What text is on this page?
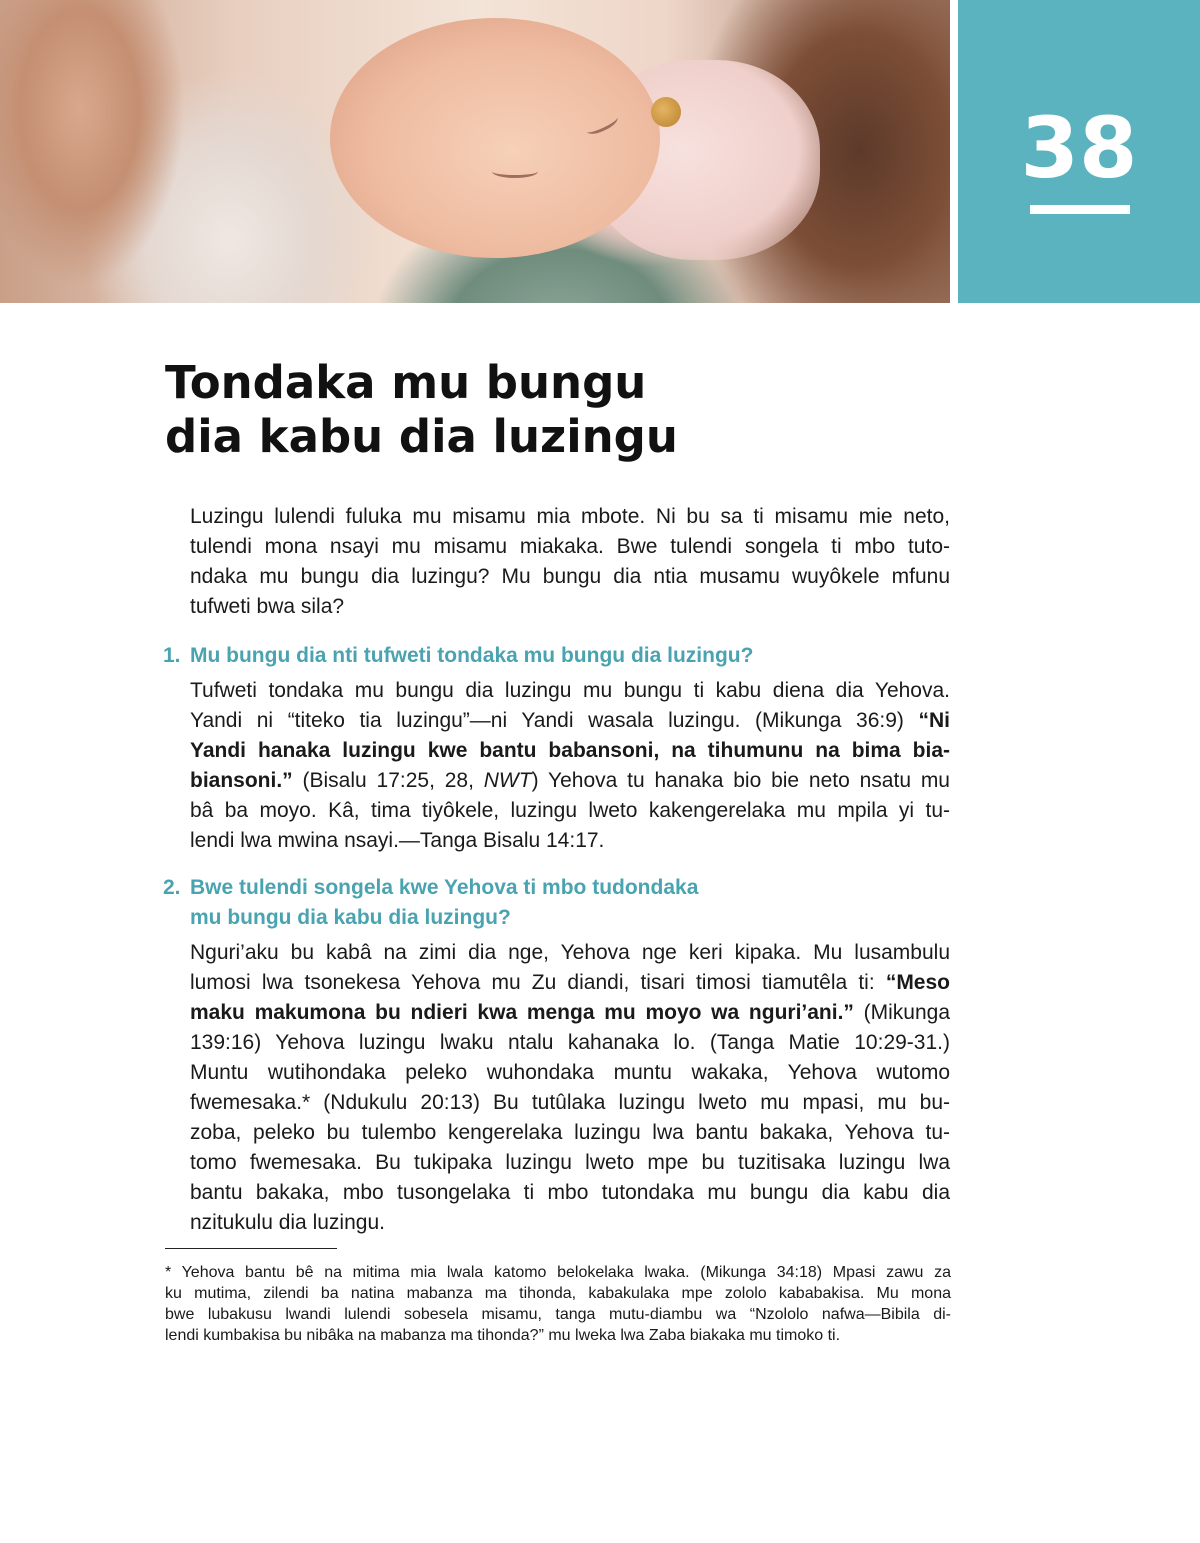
38
Tondaka mu bungu
dia kabu dia luzingu

Luzingu lulendi fuluka mu misamu mia mbote. Ni bu sa ti misamu mie neto,
tulendi mona nsayi mu misamu miakaka. Bwe tulendi songela ti mbo tuto-
ndaka mu bungu dia luzingu? Mu bungu dia ntia musamu wuyôkele mfunu
tufweti bwa sila?

1. Mu bungu dia nti tufweti tondaka mu bungu dia luzingu?

Tufweti tondaka mu bungu dia luzingu mu bungu ti kabu diena dia Yehova.
Yandi ni “titeko tia luzingu”—ni Yandi wasala luzingu. (Mikunga 36:9) “Ni
Yandi hanaka luzingu kwe bantu babansoni, na tihumunu na bima bia-
biansoni.” (Bisalu 17:25, 28, NWT) Yehova tu hanaka bio bie neto nsatu mu
bâ ba moyo. Kâ, tima tiyôkele, luzingu lweto kakengerelaka mu mpila yi tu-
lendi lwa mwina nsayi.—Tanga Bisalu 14:17.

2. Bwe tulendi songela kwe Yehova ti mbo tudondaka
mu bungu dia kabu dia luzingu?

Nguri’aku bu kabâ na zimi dia nge, Yehova nge keri kipaka. Mu lusambulu
lumosi lwa tsonekesa Yehova mu Zu diandi, tisari timosi tiamutêla ti: “Meso
maku makumona bu ndieri kwa menga mu moyo wa nguri’ani.” (Mikunga
139:16) Yehova luzingu lwaku ntalu kahanaka lo. (Tanga Matie 10:29-31.)
Muntu wutihondaka peleko wuhondaka muntu wakaka, Yehova wutomo
fwemesaka.* (Ndukulu 20:13) Bu tutûlaka luzingu lweto mu mpasi, mu bu-
zoba, peleko bu tulembo kengerelaka luzingu lwa bantu bakaka, Yehova tu-
tomo fwemesaka. Bu tukipaka luzingu lweto mpe bu tuzitisaka luzingu lwa
bantu bakaka, mbo tusongelaka ti mbo tutondaka mu bungu dia kabu dia
nzitukulu dia luzingu.

* Yehova bantu bê na mitima mia lwala katomo belokelaka lwaka. (Mikunga 34:18) Mpasi zawu za
ku mutima, zilendi ba natina mabanza ma tihonda, kabakulaka mpe zololo kababakisa. Mu mona
bwe lubakusu lwandi lulendi sobesela misamu, tanga mutu-diambu wa “Nzololo nafwa—Bibila di-
lendi kumbakisa bu nibâka na mabanza ma tihonda?” mu lweka lwa Zaba biakaka mu timoko ti.
